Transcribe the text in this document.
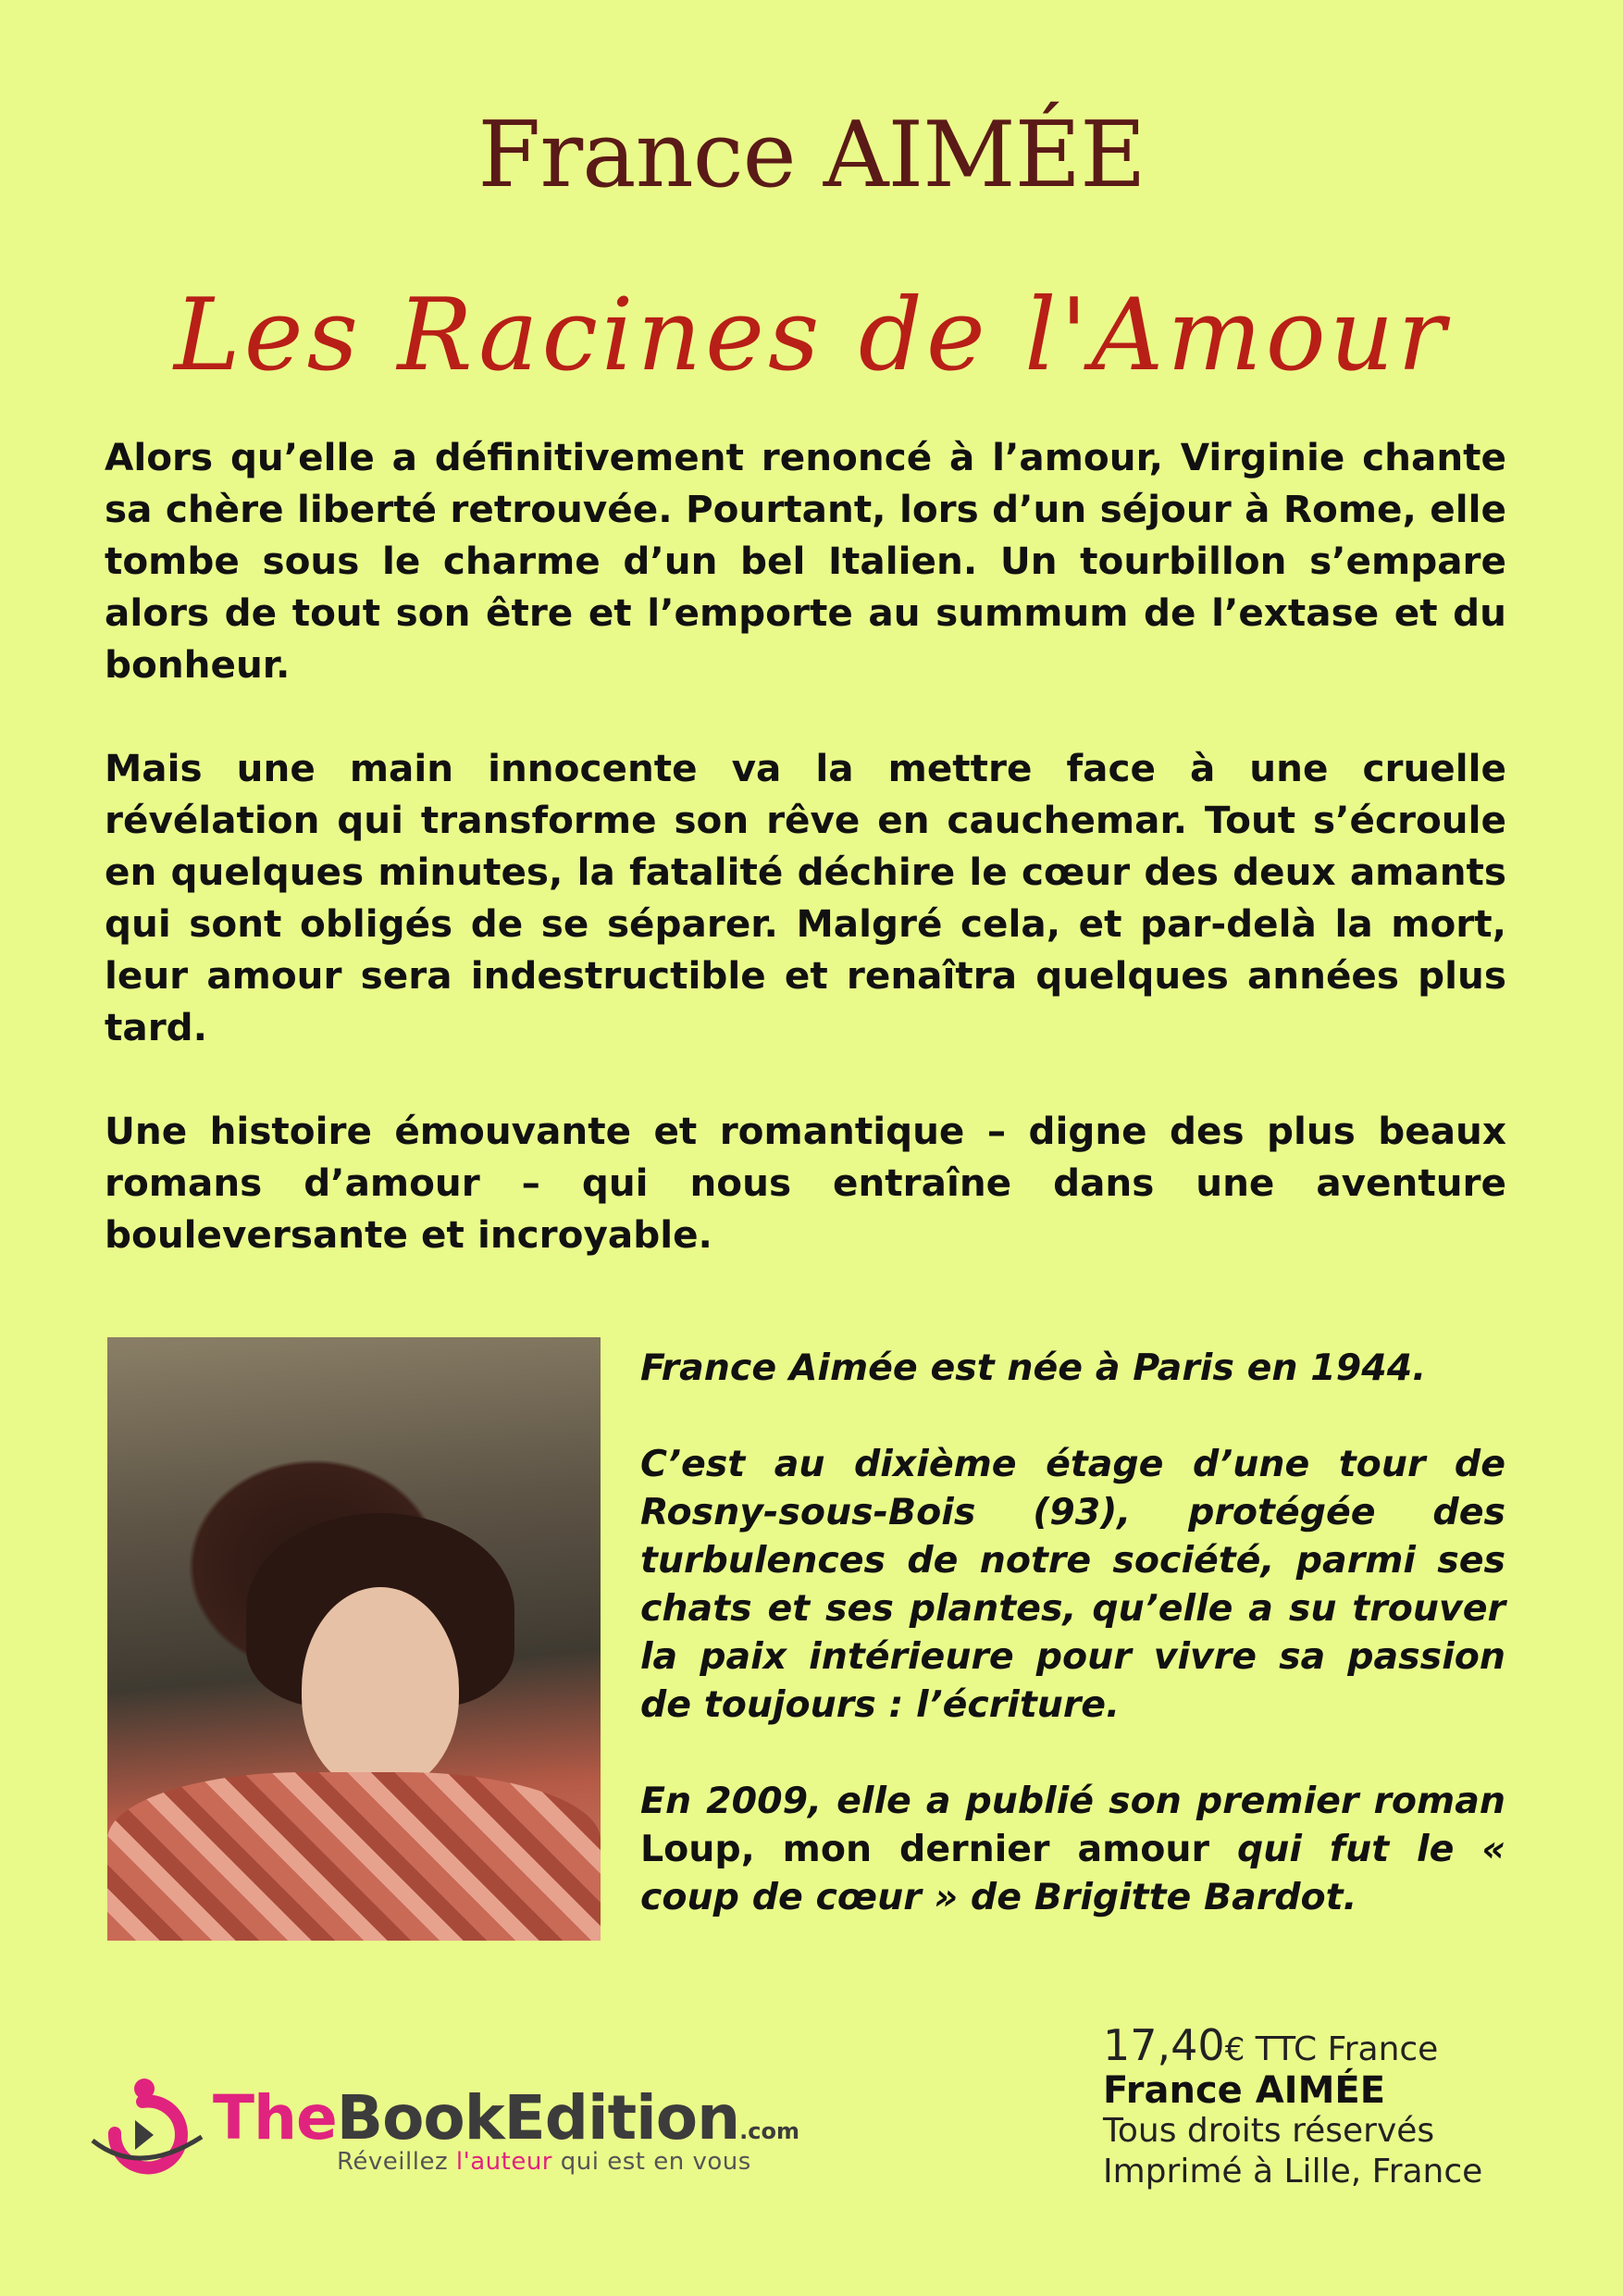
France AIMÉE
Les Racines de l'Amour

Alors qu’elle a définitivement renoncé à l’amour, Virginie chante sa chère liberté retrouvée. Pourtant, lors d’un séjour à Rome, elle tombe sous le charme d’un bel Italien. Un tourbillon s’empare alors de tout son être et l’emporte au summum de l’extase et du bonheur.

Mais une main innocente va la mettre face à une cruelle révélation qui transforme son rêve en cauchemar. Tout s’écroule en quelques minutes, la fatalité déchire le cœur des deux amants qui sont obligés de se séparer. Malgré cela, et par-delà la mort, leur amour sera indestructible et renaîtra quelques années plus tard.

Une histoire émouvante et romantique – digne des plus beaux romans d’amour – qui nous entraîne dans une aventure bouleversante et incroyable.

France Aimée est née à Paris en 1944.

C’est au dixième étage d’une tour de Rosny-sous-Bois (93), protégée des turbulences de notre société, parmi ses chats et ses plantes, qu’elle a su trouver la paix intérieure pour vivre sa passion de toujours : l’écriture.

En 2009, elle a publié son premier roman Loup, mon dernier amour qui fut le « coup de cœur » de Brigitte Bardot.

TheBookEdition.com
Réveillez l'auteur qui est en vous
17,40€ TTC France
France AIMÉE
Tous droits réservés
Imprimé à Lille, France
